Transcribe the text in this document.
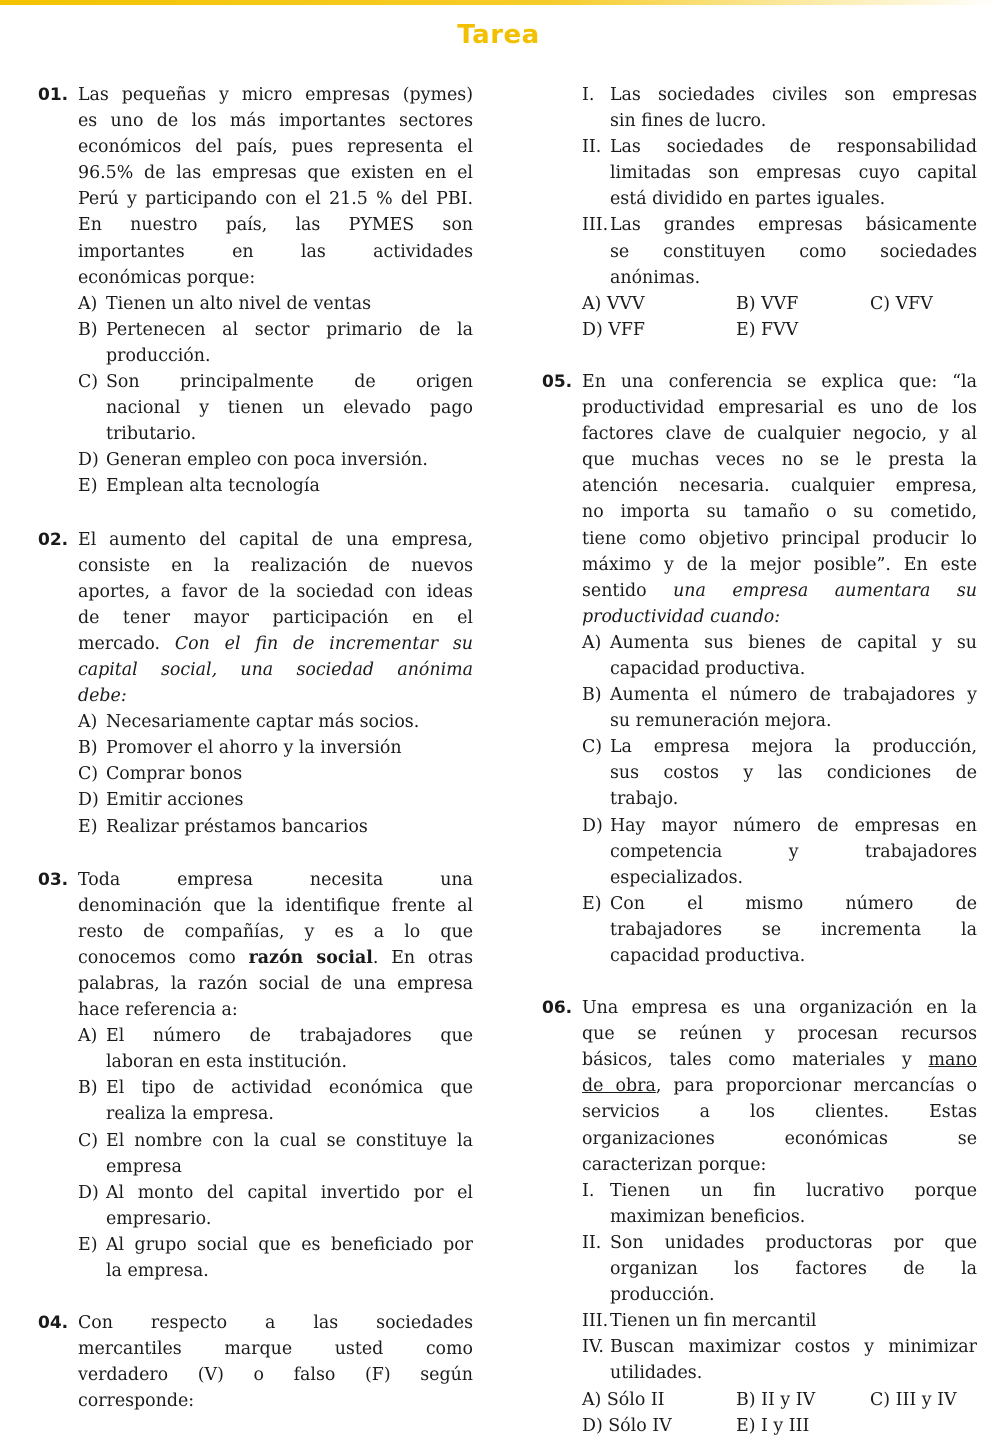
Tarea
01. Las pequeñas y micro empresas (pymes)
es uno de los más importantes sectores
económicos del país, pues representa el
96.5% de las empresas que existen en el
Perú y participando con el 21.5 % del PBI.
En nuestro país, las PYMES son
importantes en las actividades
económicas porque:
A) Tienen un alto nivel de ventas
B) Pertenecen al sector primario de la
producción.
C) Son principalmente de origen
nacional y tienen un elevado pago
tributario.
D) Generan empleo con poca inversión.
E) Emplean alta tecnología
02. El aumento del capital de una empresa,
consiste en la realización de nuevos
aportes, a favor de la sociedad con ideas
de tener mayor participación en el
mercado. Con el fin de incrementar su
capital social, una sociedad anónima
debe:
A) Necesariamente captar más socios.
B) Promover el ahorro y la inversión
C) Comprar bonos
D) Emitir acciones
E) Realizar préstamos bancarios
03. Toda empresa necesita una
denominación que la identifique frente al
resto de compañías, y es a lo que
conocemos como razón social. En otras
palabras, la razón social de una empresa
hace referencia a:
A) El número de trabajadores que
laboran en esta institución.
B) El tipo de actividad económica que
realiza la empresa.
C) El nombre con la cual se constituye la
empresa
D) Al monto del capital invertido por el
empresario.
E) Al grupo social que es beneficiado por
la empresa.
04. Con respecto a las sociedades
mercantiles marque usted como
verdadero (V) o falso (F) según
corresponde:
I. Las sociedades civiles son empresas
sin fines de lucro.
II. Las sociedades de responsabilidad
limitadas son empresas cuyo capital
está dividido en partes iguales.
III. Las grandes empresas básicamente
se constituyen como sociedades
anónimas.
A) VVV	B) VVF	C) VFV
D) VFF	E) FVV
05. En una conferencia se explica que: “la
productividad empresarial es uno de los
factores clave de cualquier negocio, y al
que muchas veces no se le presta la
atención necesaria. cualquier empresa,
no importa su tamaño o su cometido,
tiene como objetivo principal producir lo
máximo y de la mejor posible”. En este
sentido una empresa aumentara su
productividad cuando:
A) Aumenta sus bienes de capital y su
capacidad productiva.
B) Aumenta el número de trabajadores y
su remuneración mejora.
C) La empresa mejora la producción,
sus costos y las condiciones de
trabajo.
D) Hay mayor número de empresas en
competencia y trabajadores
especializados.
E) Con el mismo número de
trabajadores se incrementa la
capacidad productiva.
06. Una empresa es una organización en la
que se reúnen y procesan recursos
básicos, tales como materiales y mano
de obra, para proporcionar mercancías o
servicios a los clientes. Estas
organizaciones económicas se
caracterizan porque:
I. Tienen un fin lucrativo porque
maximizan beneficios.
II. Son unidades productoras por que
organizan los factores de la
producción.
III. Tienen un fin mercantil
IV. Buscan maximizar costos y minimizar
utilidades.
A) Sólo II	B) II y IV	C) III y IV
D) Sólo IV	E) I y III
